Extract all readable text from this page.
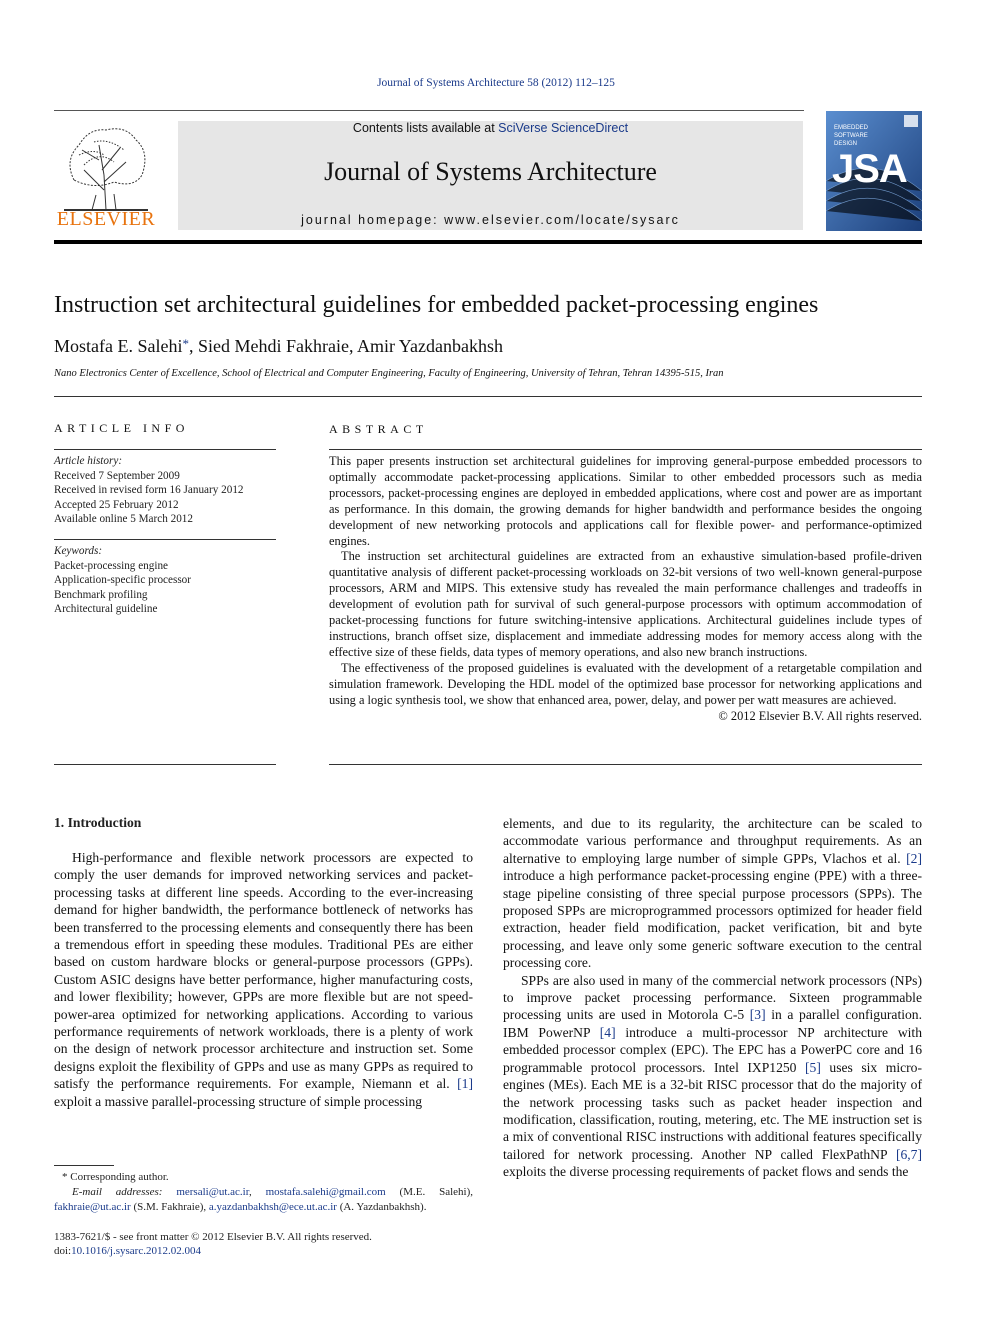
Journal of Systems Architecture 58 (2012) 112–125
ELSEVIER
Contents lists available at SciVerse ScienceDirect
Journal of Systems Architecture
journal homepage: www.elsevier.com/locate/sysarc
EMBEDDED
SOFTWARE
DESIGN
JSA
Instruction set architectural guidelines for embedded packet-processing engines
Mostafa E. Salehi*, Sied Mehdi Fakhraie, Amir Yazdanbakhsh
Nano Electronics Center of Excellence, School of Electrical and Computer Engineering, Faculty of Engineering, University of Tehran, Tehran 14395-515, Iran
ARTICLE INFO
Article history:
Received 7 September 2009
Received in revised form 16 January 2012
Accepted 25 February 2012
Available online 5 March 2012
Keywords:
Packet-processing engine
Application-specific processor
Benchmark profiling
Architectural guideline
ABSTRACT

This paper presents instruction set architectural guidelines for improving general-purpose embedded processors to optimally accommodate packet-processing applications. Similar to other embedded processors such as media processors, packet-processing engines are deployed in embedded applications, where cost and power are as important as performance. In this domain, the growing demands for higher bandwidth and performance besides the ongoing development of new networking protocols and applications call for flexible power- and performance-optimized engines.

The instruction set architectural guidelines are extracted from an exhaustive simulation-based profile-driven quantitative analysis of different packet-processing workloads on 32-bit versions of two well-known general-purpose processors, ARM and MIPS. This extensive study has revealed the main performance challenges and tradeoffs in development of evolution path for survival of such general-purpose processors with optimum accommodation of packet-processing functions for future switching-intensive applications. Architectural guidelines include types of instructions, branch offset size, displacement and immediate addressing modes for memory access along with the effective size of these fields, data types of memory operations, and also new branch instructions.

The effectiveness of the proposed guidelines is evaluated with the development of a retargetable compilation and simulation framework. Developing the HDL model of the optimized base processor for networking applications and using a logic synthesis tool, we show that enhanced area, power, delay, and power per watt measures are achieved.

© 2012 Elsevier B.V. All rights reserved.

1. Introduction

High-performance and flexible network processors are expected to comply the user demands for improved networking services and packet-processing tasks at different line speeds. According to the ever-increasing demand for higher bandwidth, the performance bottleneck of networks has been transferred to the processing elements and consequently there has been a tremendous effort in speeding these modules. Traditional PEs are either based on custom hardware blocks or general-purpose processors (GPPs). Custom ASIC designs have better performance, higher manufacturing costs, and lower flexibility; however, GPPs are more flexible but are not speed-power-area optimized for networking applications. According to various performance requirements of network workloads, there is a plenty of work on the design of network processor architecture and instruction set. Some designs exploit the flexibility of GPPs and use as many GPPs as required to satisfy the performance requirements. For example, Niemann et al. [1] exploit a massive parallel-processing structure of simple processing

elements, and due to its regularity, the architecture can be scaled to accommodate various performance and throughput requirements. As an alternative to employing large number of simple GPPs, Vlachos et al. [2] introduce a high performance packet-processing engine (PPE) with a three-stage pipeline consisting of three special purpose processors (SPPs). The proposed SPPs are microprogrammed processors optimized for header field extraction, header field modification, packet verification, bit and byte processing, and leave only some generic software execution to the central processing core.

SPPs are also used in many of the commercial network processors (NPs) to improve packet processing performance. Sixteen programmable processing units are used in Motorola C-5 [3] in a parallel configuration. IBM PowerNP [4] introduce a multi-processor NP architecture with embedded processor complex (EPC). The EPC has a PowerPC core and 16 programmable protocol processors. Intel IXP1250 [5] uses six micro-engines (MEs). Each ME is a 32-bit RISC processor that do the majority of the network processing tasks such as packet header inspection and modification, classification, routing, metering, etc. The ME instruction set is a mix of conventional RISC instructions with additional features specifically tailored for network processing. Another NP called FlexPathNP [6,7] exploits the diverse processing requirements of packet flows and sends the

* Corresponding author.
E-mail addresses: mersali@ut.ac.ir, mostafa.salehi@gmail.com (M.E. Salehi), fakhraie@ut.ac.ir (S.M. Fakhraie), a.yazdanbakhsh@ece.ut.ac.ir (A. Yazdanbakhsh).
1383-7621/$ - see front matter © 2012 Elsevier B.V. All rights reserved.
doi:10.1016/j.sysarc.2012.02.004
